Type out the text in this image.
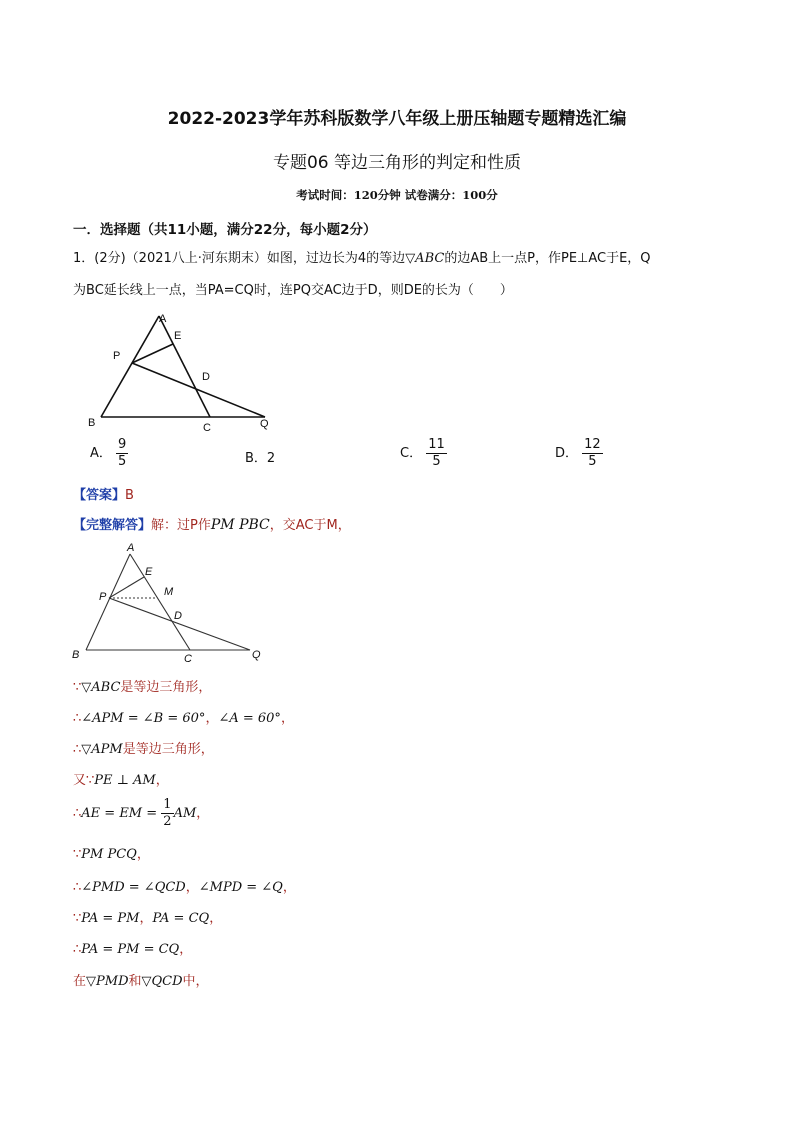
2022-2023学年苏科版数学八年级上册压轴题专题精选汇编
专题06 等边三角形的判定和性质
考试时间：120分钟 试卷满分：100分
一．选择题（共11小题，满分22分，每小题2分）
1．(2分)（2021八上·河东期末）如图，过边长为4的等边▽ABC的边AB上一点P，作PE⊥AC于E，Q
为BC延长线上一点，当PA=CQ时，连PQ交AC边于D，则DE的长为（　　）
A
E
P
D
B	C	Q
A． $\frac{9}{5}$	B．2	C． $\frac{11}{5}$	D． $\frac{12}{5}$
【答案】B
【完整解答】解：过P作PM PBC，交AC于M，
A
E
M
P
D
B	C	Q
∵▽ABC是等边三角形，
∴∠APM = ∠B = 60°，∠A = 60°，
∴▽APM是等边三角形，
又∵PE ⊥ AM，
∴AE = EM = $\frac{1}{2}$ AM，
∵PM PCQ，
∴∠PMD = ∠QCD，∠MPD = ∠Q，
∵PA = PM，PA = CQ，
∴PA = PM = CQ，
在▽PMD和▽QCD中，
